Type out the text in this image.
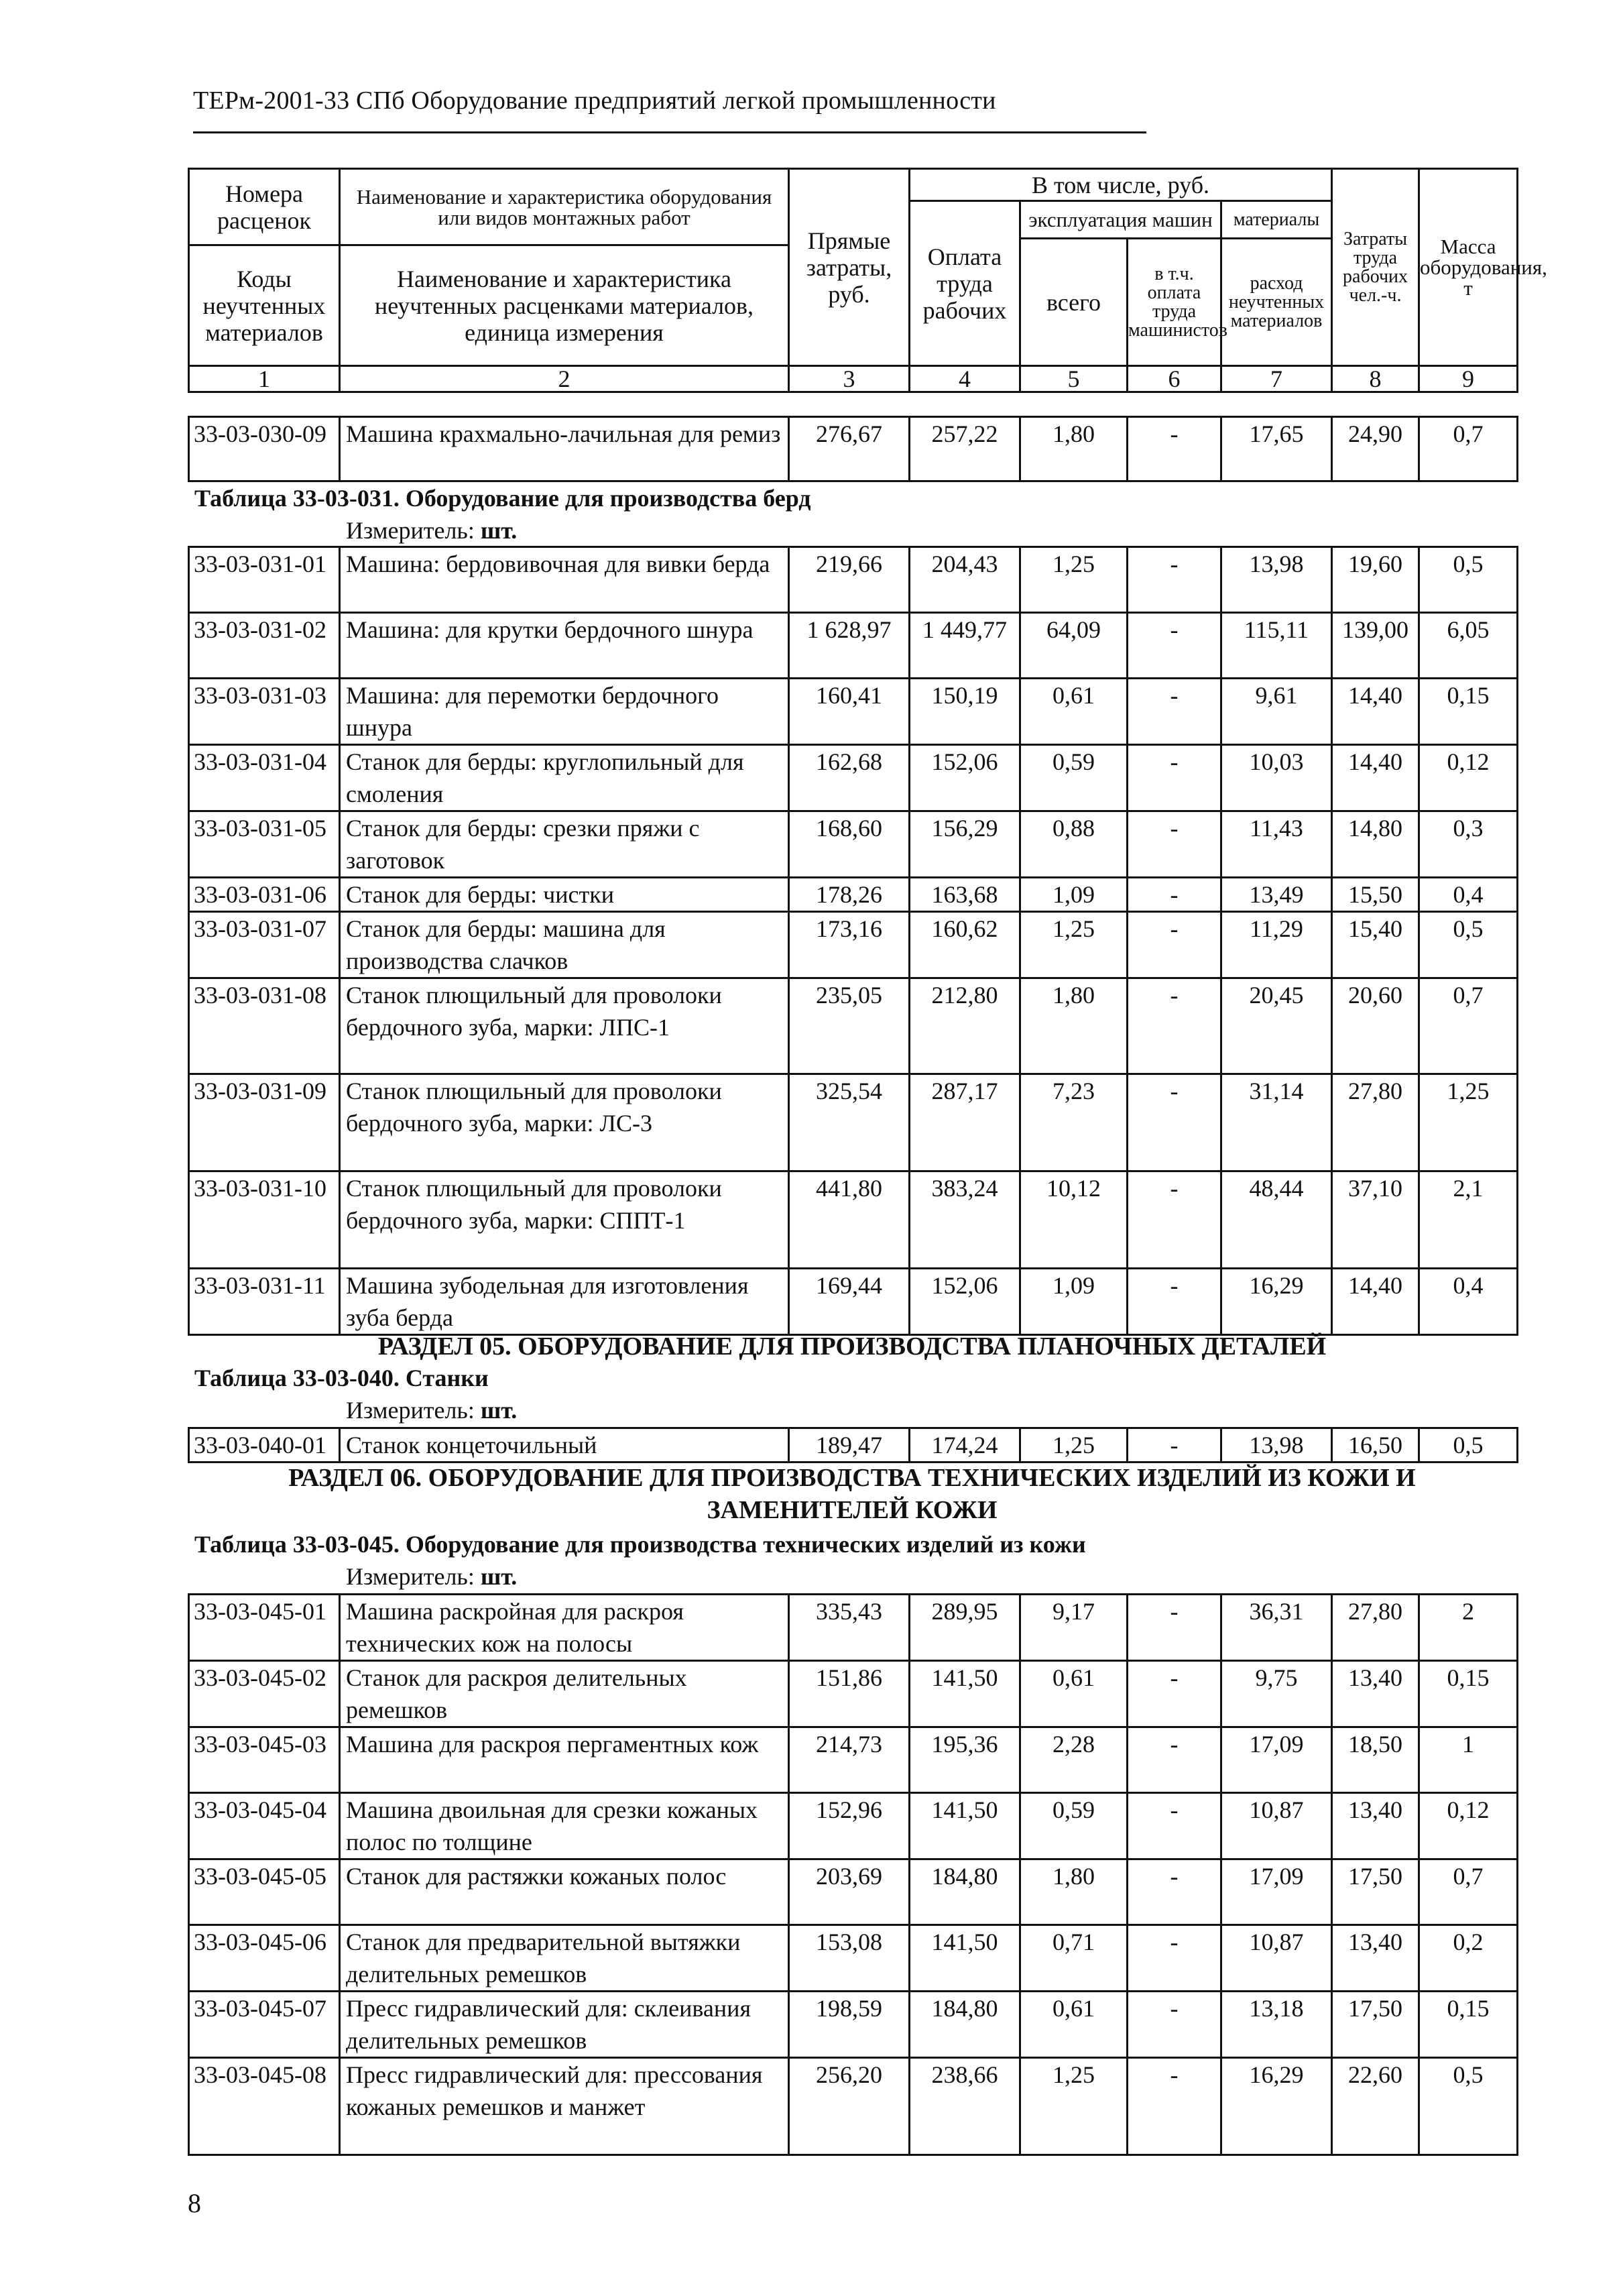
ТЕРм-2001-33 СПб Оборудование предприятий легкой промышленности
Номера расценок	Наименование и характеристика оборудования или видов монтажных работ	Прямые затраты, руб.	В том числе, руб.				Затраты труда рабочих чел.-ч.	Масса оборудования, т
			Оплата труда рабочих	эксплуатация машин		материалы		
				всего	в т.ч. оплата труда машинистов	расход неучтенных материалов		
Коды неучтенных материалов	Наименование и характеристика неучтенных расценками материалов, единица измерения							

1	2	3	4	5	6	7	8	9
33-03-030-09	Машина крахмально-лачильная для ремиз	276,67	257,22	1,80	-	17,65	24,90	0,7
Таблица 33-03-031. Оборудование для производства берд
Измеритель: шт.
33-03-031-01	Машина: бердовивочная для вивки берда	219,66	204,43	1,25	-	13,98	19,60	0,5
33-03-031-02	Машина: для крутки бердочного шнура	1 628,97	1 449,77	64,09	-	115,11	139,00	6,05
33-03-031-03	Машина: для перемотки бердочного шнура	160,41	150,19	0,61	-	9,61	14,40	0,15
33-03-031-04	Станок для берды: круглопильный для смоления	162,68	152,06	0,59	-	10,03	14,40	0,12
33-03-031-05	Станок для берды: срезки пряжи с заготовок	168,60	156,29	0,88	-	11,43	14,80	0,3
33-03-031-06	Станок для берды: чистки	178,26	163,68	1,09	-	13,49	15,50	0,4
33-03-031-07	Станок для берды: машина для производства слачков	173,16	160,62	1,25	-	11,29	15,40	0,5
33-03-031-08	Станок плющильный для проволоки бердочного зуба, марки: ЛПС-1	235,05	212,80	1,80	-	20,45	20,60	0,7
33-03-031-09	Станок плющильный для проволоки бердочного зуба, марки: ЛС-3	325,54	287,17	7,23	-	31,14	27,80	1,25
33-03-031-10	Станок плющильный для проволоки бердочного зуба, марки: СППТ-1	441,80	383,24	10,12	-	48,44	37,10	2,1
33-03-031-11	Машина зубодельная для изготовления зуба берда	169,44	152,06	1,09	-	16,29	14,40	0,4
РАЗДЕЛ 05. ОБОРУДОВАНИЕ ДЛЯ ПРОИЗВОДСТВА ПЛАНОЧНЫХ ДЕТАЛЕЙ
Таблица 33-03-040. Станки
Измеритель: шт.
33-03-040-01	Станок концеточильный	189,47	174,24	1,25	-	13,98	16,50	0,5
РАЗДЕЛ 06. ОБОРУДОВАНИЕ ДЛЯ ПРОИЗВОДСТВА ТЕХНИЧЕСКИХ ИЗДЕЛИЙ ИЗ КОЖИ И
ЗАМЕНИТЕЛЕЙ КОЖИ
Таблица 33-03-045. Оборудование для производства технических изделий из кожи
Измеритель: шт.
33-03-045-01	Машина раскройная для раскроя технических кож на полосы	335,43	289,95	9,17	-	36,31	27,80	2
33-03-045-02	Станок для раскроя делительных ремешков	151,86	141,50	0,61	-	9,75	13,40	0,15
33-03-045-03	Машина для раскроя пергаментных кож	214,73	195,36	2,28	-	17,09	18,50	1
33-03-045-04	Машина двоильная для срезки кожаных полос по толщине	152,96	141,50	0,59	-	10,87	13,40	0,12
33-03-045-05	Станок для растяжки кожаных полос	203,69	184,80	1,80	-	17,09	17,50	0,7
33-03-045-06	Станок для предварительной вытяжки делительных ремешков	153,08	141,50	0,71	-	10,87	13,40	0,2
33-03-045-07	Пресс гидравлический для: склеивания делительных ремешков	198,59	184,80	0,61	-	13,18	17,50	0,15
33-03-045-08	Пресс гидравлический для: прессования кожаных ремешков и манжет	256,20	238,66	1,25	-	16,29	22,60	0,5
8
